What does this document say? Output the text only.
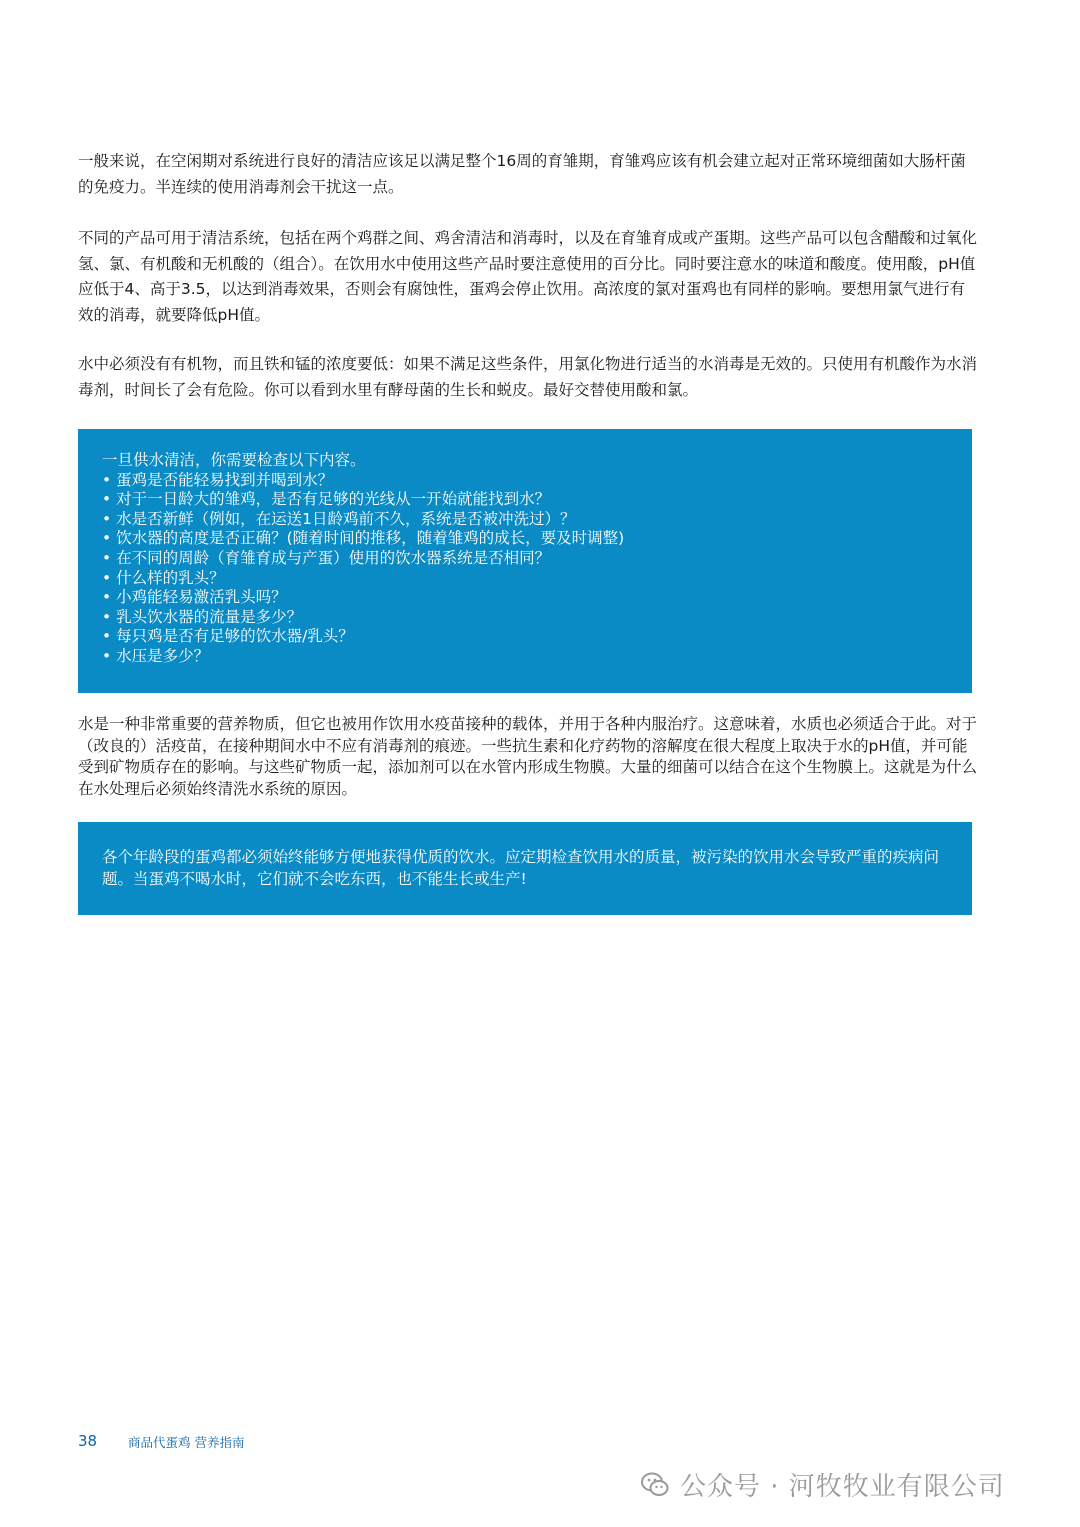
一般来说，在空闲期对系统进行良好的清洁应该足以满足整个16周的育雏期，育雏鸡应该有机会建立起对正常环境细菌如大肠杆菌的免疫力。半连续的使用消毒剂会干扰这一点。

不同的产品可用于清洁系统，包括在两个鸡群之间、鸡舍清洁和消毒时，以及在育雏育成或产蛋期。这些产品可以包含醋酸和过氧化氢、氯、有机酸和无机酸的（组合）。在饮用水中使用这些产品时要注意使用的百分比。同时要注意水的味道和酸度。使用酸，pH值应低于4、高于3.5，以达到消毒效果，否则会有腐蚀性，蛋鸡会停止饮用。高浓度的氯对蛋鸡也有同样的影响。要想用氯气进行有效的消毒，就要降低pH值。

水中必须没有有机物，而且铁和锰的浓度要低：如果不满足这些条件，用氯化物进行适当的水消毒是无效的。只使用有机酸作为水消毒剂，时间长了会有危险。你可以看到水里有酵母菌的生长和蜕皮。最好交替使用酸和氯。

一旦供水清洁，你需要检查以下内容。

• 蛋鸡是否能轻易找到并喝到水？
• 对于一日龄大的雏鸡，是否有足够的光线从一开始就能找到水？
• 水是否新鲜（例如，在运送1日龄鸡前不久，系统是否被冲洗过）？
• 饮水器的高度是否正确？(随着时间的推移，随着雏鸡的成长，要及时调整)
• 在不同的周龄（育雏育成与产蛋）使用的饮水器系统是否相同？
• 什么样的乳头？
• 小鸡能轻易激活乳头吗？
• 乳头饮水器的流量是多少？
• 每只鸡是否有足够的饮水器/乳头？
• 水压是多少？

水是一种非常重要的营养物质，但它也被用作饮用水疫苗接种的载体，并用于各种内服治疗。这意味着，水质也必须适合于此。对于（改良的）活疫苗，在接种期间水中不应有消毒剂的痕迹。一些抗生素和化疗药物的溶解度在很大程度上取决于水的pH值，并可能受到矿物质存在的影响。与这些矿物质一起，添加剂可以在水管内形成生物膜。大量的细菌可以结合在这个生物膜上。这就是为什么在水处理后必须始终清洗水系统的原因。

各个年龄段的蛋鸡都必须始终能够方便地获得优质的饮水。应定期检查饮用水的质量，被污染的饮用水会导致严重的疾病问题。当蛋鸡不喝水时，它们就不会吃东西，也不能生长或生产!

38 商品代蛋鸡 营养指南
公众号 · 河牧牧业有限公司
